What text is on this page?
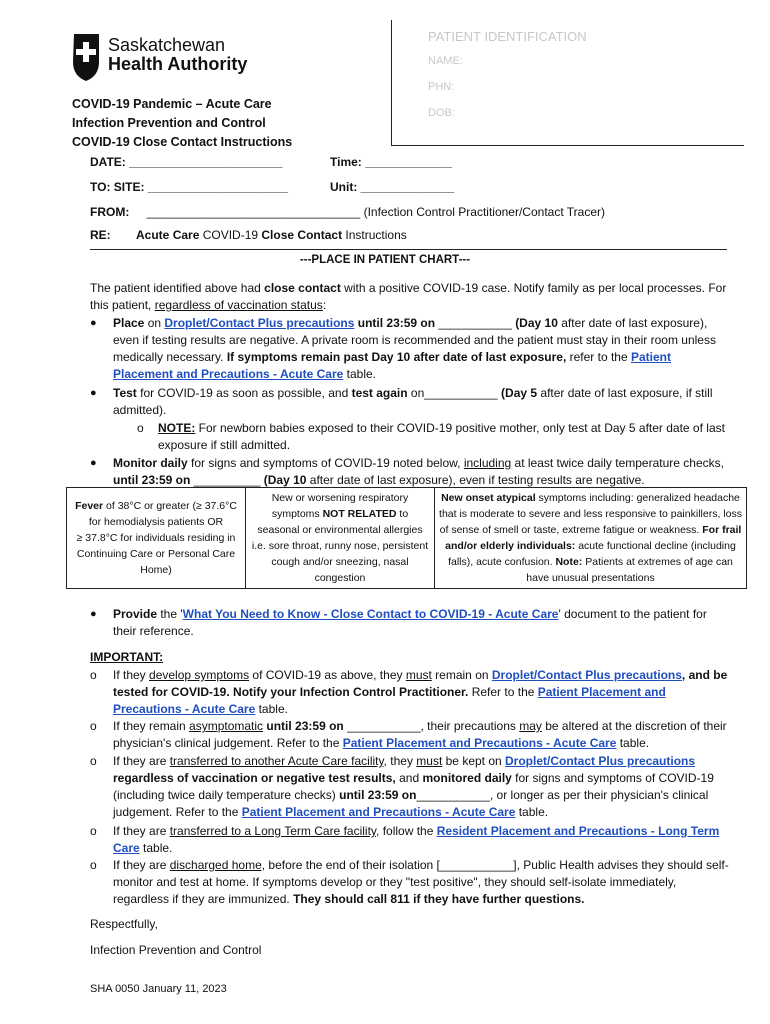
Saskatchewan
Health Authority
PATIENT IDENTIFICATION
NAME:
PHN:
DOB:
COVID-19 Pandemic – Acute Care
Infection Prevention and Control
COVID-19 Close Contact Instructions
DATE: _______________________	Time: _____________
TO: SITE: _____________________	Unit: ______________
FROM: ________________________________ (Infection Control Practitioner/Contact Tracer)
RE: Acute Care COVID-19 Close Contact Instructions
---PLACE IN PATIENT CHART---
The patient identified above had close contact with a positive COVID-19 case. Notify family as per local processes. For this patient, regardless of vaccination status:
● Place on Droplet/Contact Plus precautions until 23:59 on ___________ (Day 10 after date of last exposure), even if testing results are negative. A private room is recommended and the patient must stay in their room unless medically necessary. If symptoms remain past Day 10 after date of last exposure, refer to the Patient Placement and Precautions - Acute Care table.
● Test for COVID-19 as soon as possible, and test again on___________ (Day 5 after date of last exposure, if still admitted).
o NOTE: For newborn babies exposed to their COVID-19 positive mother, only test at Day 5 after date of last exposure if still admitted.
● Monitor daily for signs and symptoms of COVID-19 noted below, including at least twice daily temperature checks, until 23:59 on __________ (Day 10 after date of last exposure), even if testing results are negative.
Fever of 38°C or greater (≥ 37.6°C for hemodialysis patients OR
≥ 37.8°C for individuals residing in Continuing Care or Personal Care Home)	New or worsening respiratory symptoms NOT RELATED to seasonal or environmental allergies i.e. sore throat, runny nose, persistent cough and/or sneezing, nasal congestion	New onset atypical symptoms including: generalized headache that is moderate to severe and less responsive to painkillers, loss of sense of smell or taste, extreme fatigue or weakness. For frail and/or elderly individuals: acute functional decline (including falls), acute confusion. Note: Patients at extremes of age can have unusual presentations
● Provide the 'What You Need to Know - Close Contact to COVID-19 - Acute Care' document to the patient for their reference.
IMPORTANT:
o If they develop symptoms of COVID-19 as above, they must remain on Droplet/Contact Plus precautions, and be tested for COVID-19. Notify your Infection Control Practitioner. Refer to the Patient Placement and Precautions - Acute Care table.
o If they remain asymptomatic until 23:59 on ___________, their precautions may be altered at the discretion of their physician's clinical judgement. Refer to the Patient Placement and Precautions - Acute Care table.
o If they are transferred to another Acute Care facility, they must be kept on Droplet/Contact Plus precautions regardless of vaccination or negative test results, and monitored daily for signs and symptoms of COVID-19 (including twice daily temperature checks) until 23:59 on___________, or longer as per their physician's clinical judgement. Refer to the Patient Placement and Precautions - Acute Care table.
o If they are transferred to a Long Term Care facility, follow the Resident Placement and Precautions - Long Term Care table.
o If they are discharged home, before the end of their isolation [___________], Public Health advises they should self-monitor and test at home. If symptoms develop or they "test positive", they should self-isolate immediately, regardless if they are immunized. They should call 811 if they have further questions.
Respectfully,
Infection Prevention and Control
SHA 0050 January 11, 2023
